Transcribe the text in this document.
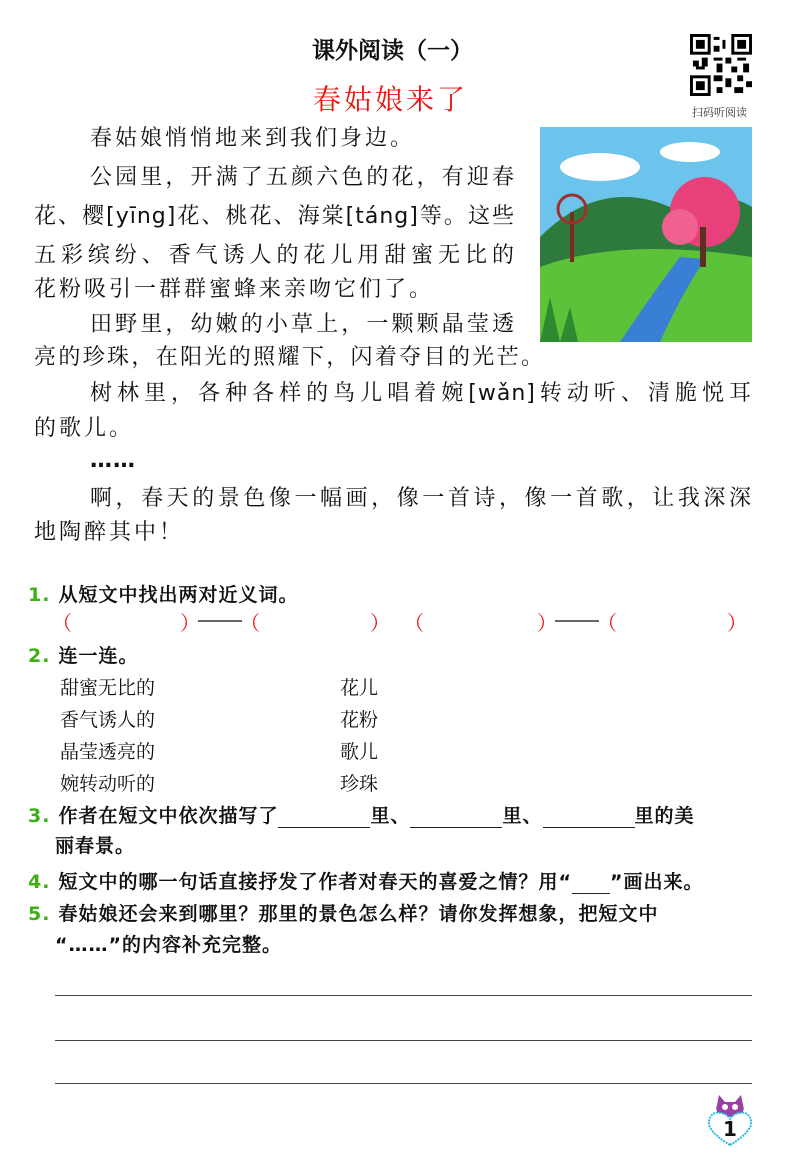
课外阅读（一）
春姑娘来了	扫码听阅读
春姑娘悄悄地来到我们身边。
公园里，开满了五颜六色的花，有迎春
花、樱[yīng]花、桃花、海棠[táng]等。这些
五彩缤纷、香气诱人的花儿用甜蜜无比的
花粉吸引一群群蜜蜂来亲吻它们了。
田野里，幼嫩的小草上，一颗颗晶莹透
亮的珍珠，在阳光的照耀下，闪着夺目的光芒。
树林里，各种各样的鸟儿唱着婉[wǎn]转动听、清脆悦耳
的歌儿。
……
啊，春天的景色像一幅画，像一首诗，像一首歌，让我深深
地陶醉其中！
1. 从短文中找出两对近义词。
（	） （	） （	） （	）
2. 连一连。
甜蜜无比的
香气诱人的
晶莹透亮的
婉转动听的
花儿
花粉
歌儿
珍珠
3. 作者在短文中依次描写了	里、	里、	里的美
丽春景。
4. 短文中的哪一句话直接抒发了作者对春天的喜爱之情？用“ ”画出来。
5. 春姑娘还会来到哪里？那里的景色怎么样？请你发挥想象，把短文中
“……”的内容补充完整。
1
